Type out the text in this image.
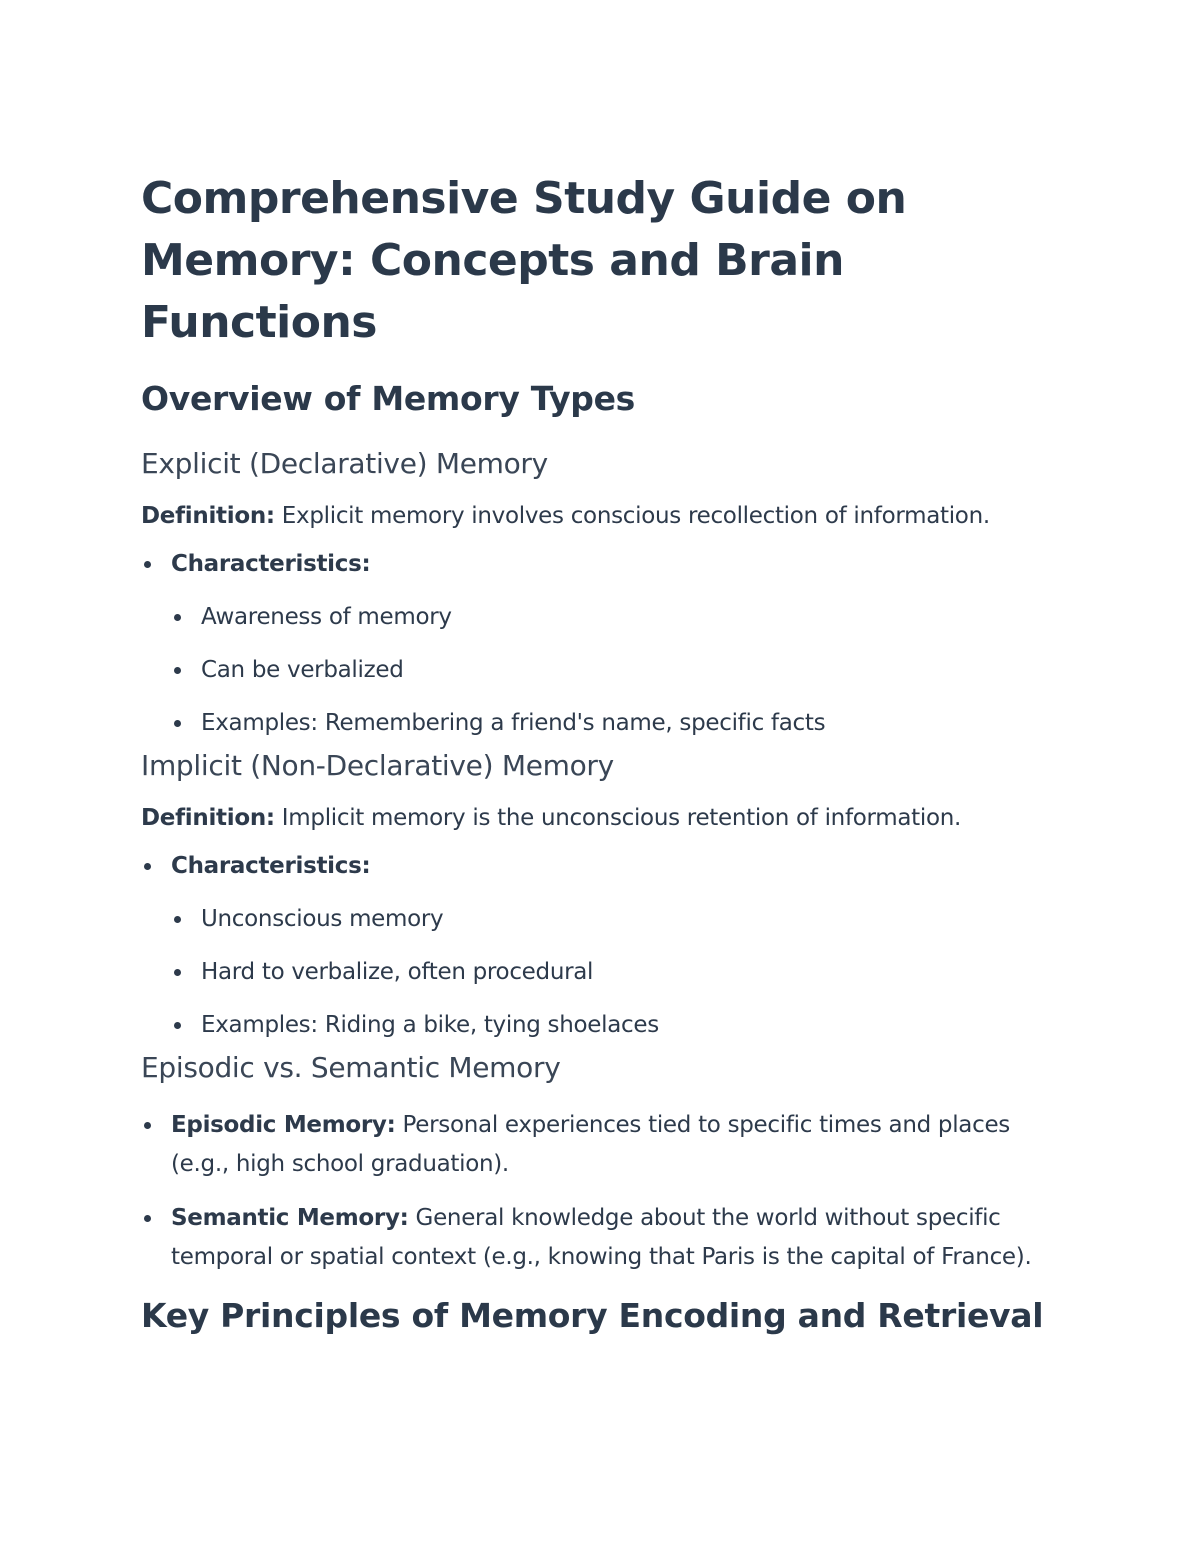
Comprehensive Study Guide on Memory: Concepts and Brain Functions
Overview of Memory Types
Explicit (Declarative) Memory

Definition: Explicit memory involves conscious recollection of information.

Characteristics:
Awareness of memory
Can be verbalized
Examples: Remembering a friend's name, specific facts
Implicit (Non-Declarative) Memory

Definition: Implicit memory is the unconscious retention of information.

Characteristics:
Unconscious memory
Hard to verbalize, often procedural
Examples: Riding a bike, tying shoelaces
Episodic vs. Semantic Memory
Episodic Memory: Personal experiences tied to specific times and places (e.g., high school graduation).
Semantic Memory: General knowledge about the world without specific temporal or spatial context (e.g., knowing that Paris is the capital of France).
Key Principles of Memory Encoding and Retrieval
